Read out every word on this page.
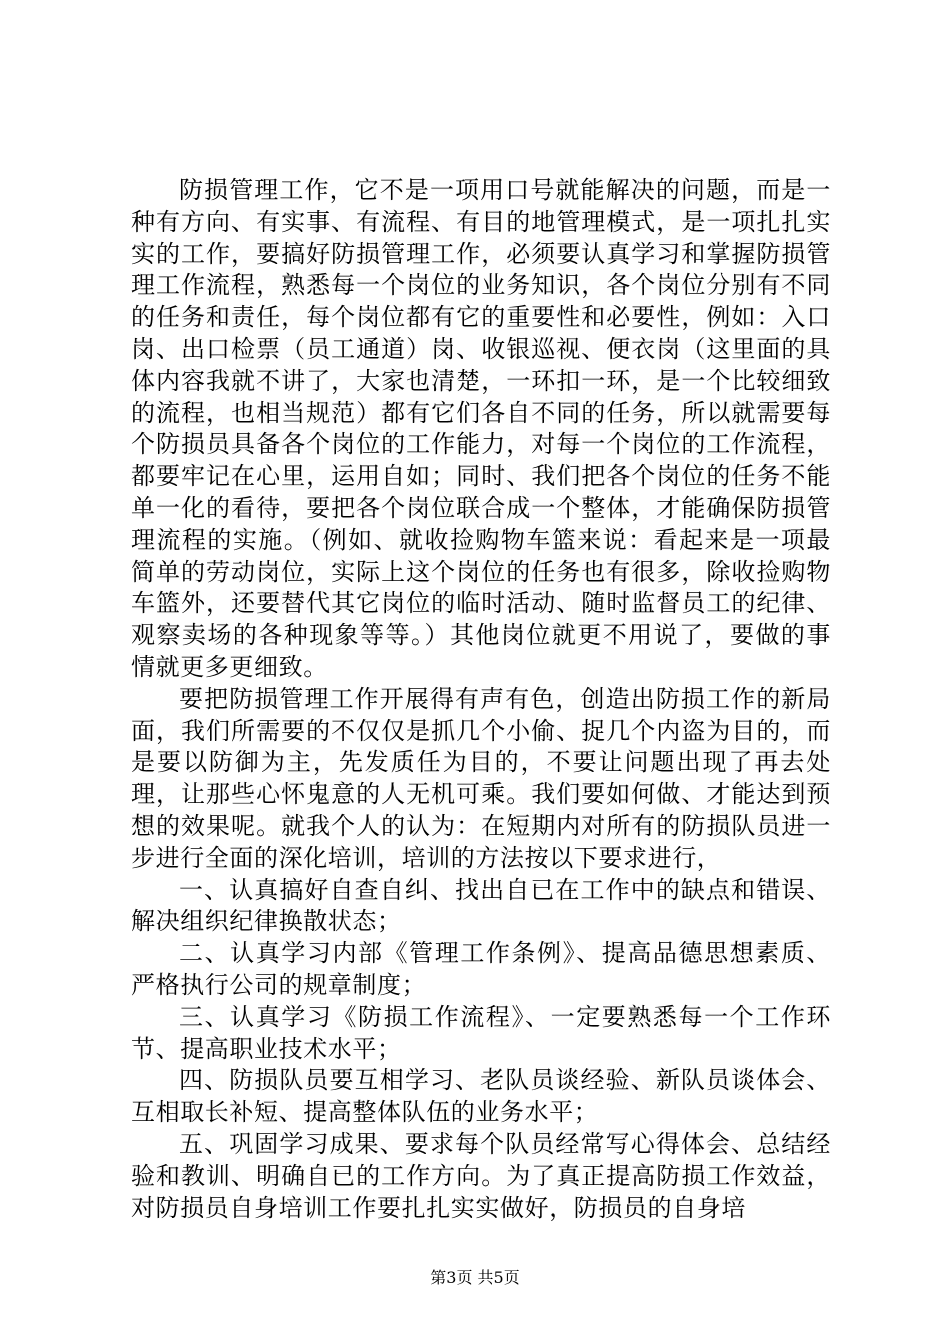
防损管理工作，它不是一项用口号就能解决的问题，而是一种有方向、有实事、有流程、有目的地管理模式，是一项扎扎实实的工作，要搞好防损管理工作，必须要认真学习和掌握防损管理工作流程，熟悉每一个岗位的业务知识，各个岗位分别有不同的任务和责任，每个岗位都有它的重要性和必要性，例如：入口岗、出口检票（员工通道）岗、收银巡视、便衣岗（这里面的具体内容我就不讲了，大家也清楚，一环扣一环，是一个比较细致的流程，也相当规范）都有它们各自不同的任务，所以就需要每个防损员具备各个岗位的工作能力，对每一个岗位的工作流程，都要牢记在心里，运用自如；同时、我们把各个岗位的任务不能单一化的看待，要把各个岗位联合成一个整体，才能确保防损管理流程的实施。（例如、就收捡购物车篮来说：看起来是一项最简单的劳动岗位，实际上这个岗位的任务也有很多，除收捡购物车篮外，还要替代其它岗位的临时活动、随时监督员工的纪律、观察卖场的各种现象等等。）其他岗位就更不用说了，要做的事情就更多更细致。

要把防损管理工作开展得有声有色，创造出防损工作的新局面，我们所需要的不仅仅是抓几个小偷、捉几个内盗为目的，而是要以防御为主，先发质任为目的，不要让问题出现了再去处理，让那些心怀鬼意的人无机可乘。我们要如何做、才能达到预想的效果呢。就我个人的认为：在短期内对所有的防损队员进一步进行全面的深化培训，培训的方法按以下要求进行，

一、认真搞好自查自纠、找出自已在工作中的缺点和错误、解决组织纪律换散状态；

二、认真学习内部《管理工作条例》、提高品德思想素质、严格执行公司的规章制度；

三、认真学习《防损工作流程》、一定要熟悉每一个工作环节、提高职业技术水平；

四、防损队员要互相学习、老队员谈经验、新队员谈体会、互相取长补短、提高整体队伍的业务水平；

五、巩固学习成果、要求每个队员经常写心得体会、总结经验和教训、明确自已的工作方向。为了真正提高防损工作效益，对防损员自身培训工作要扎扎实实做好，防损员的自身培

第3页 共5页
